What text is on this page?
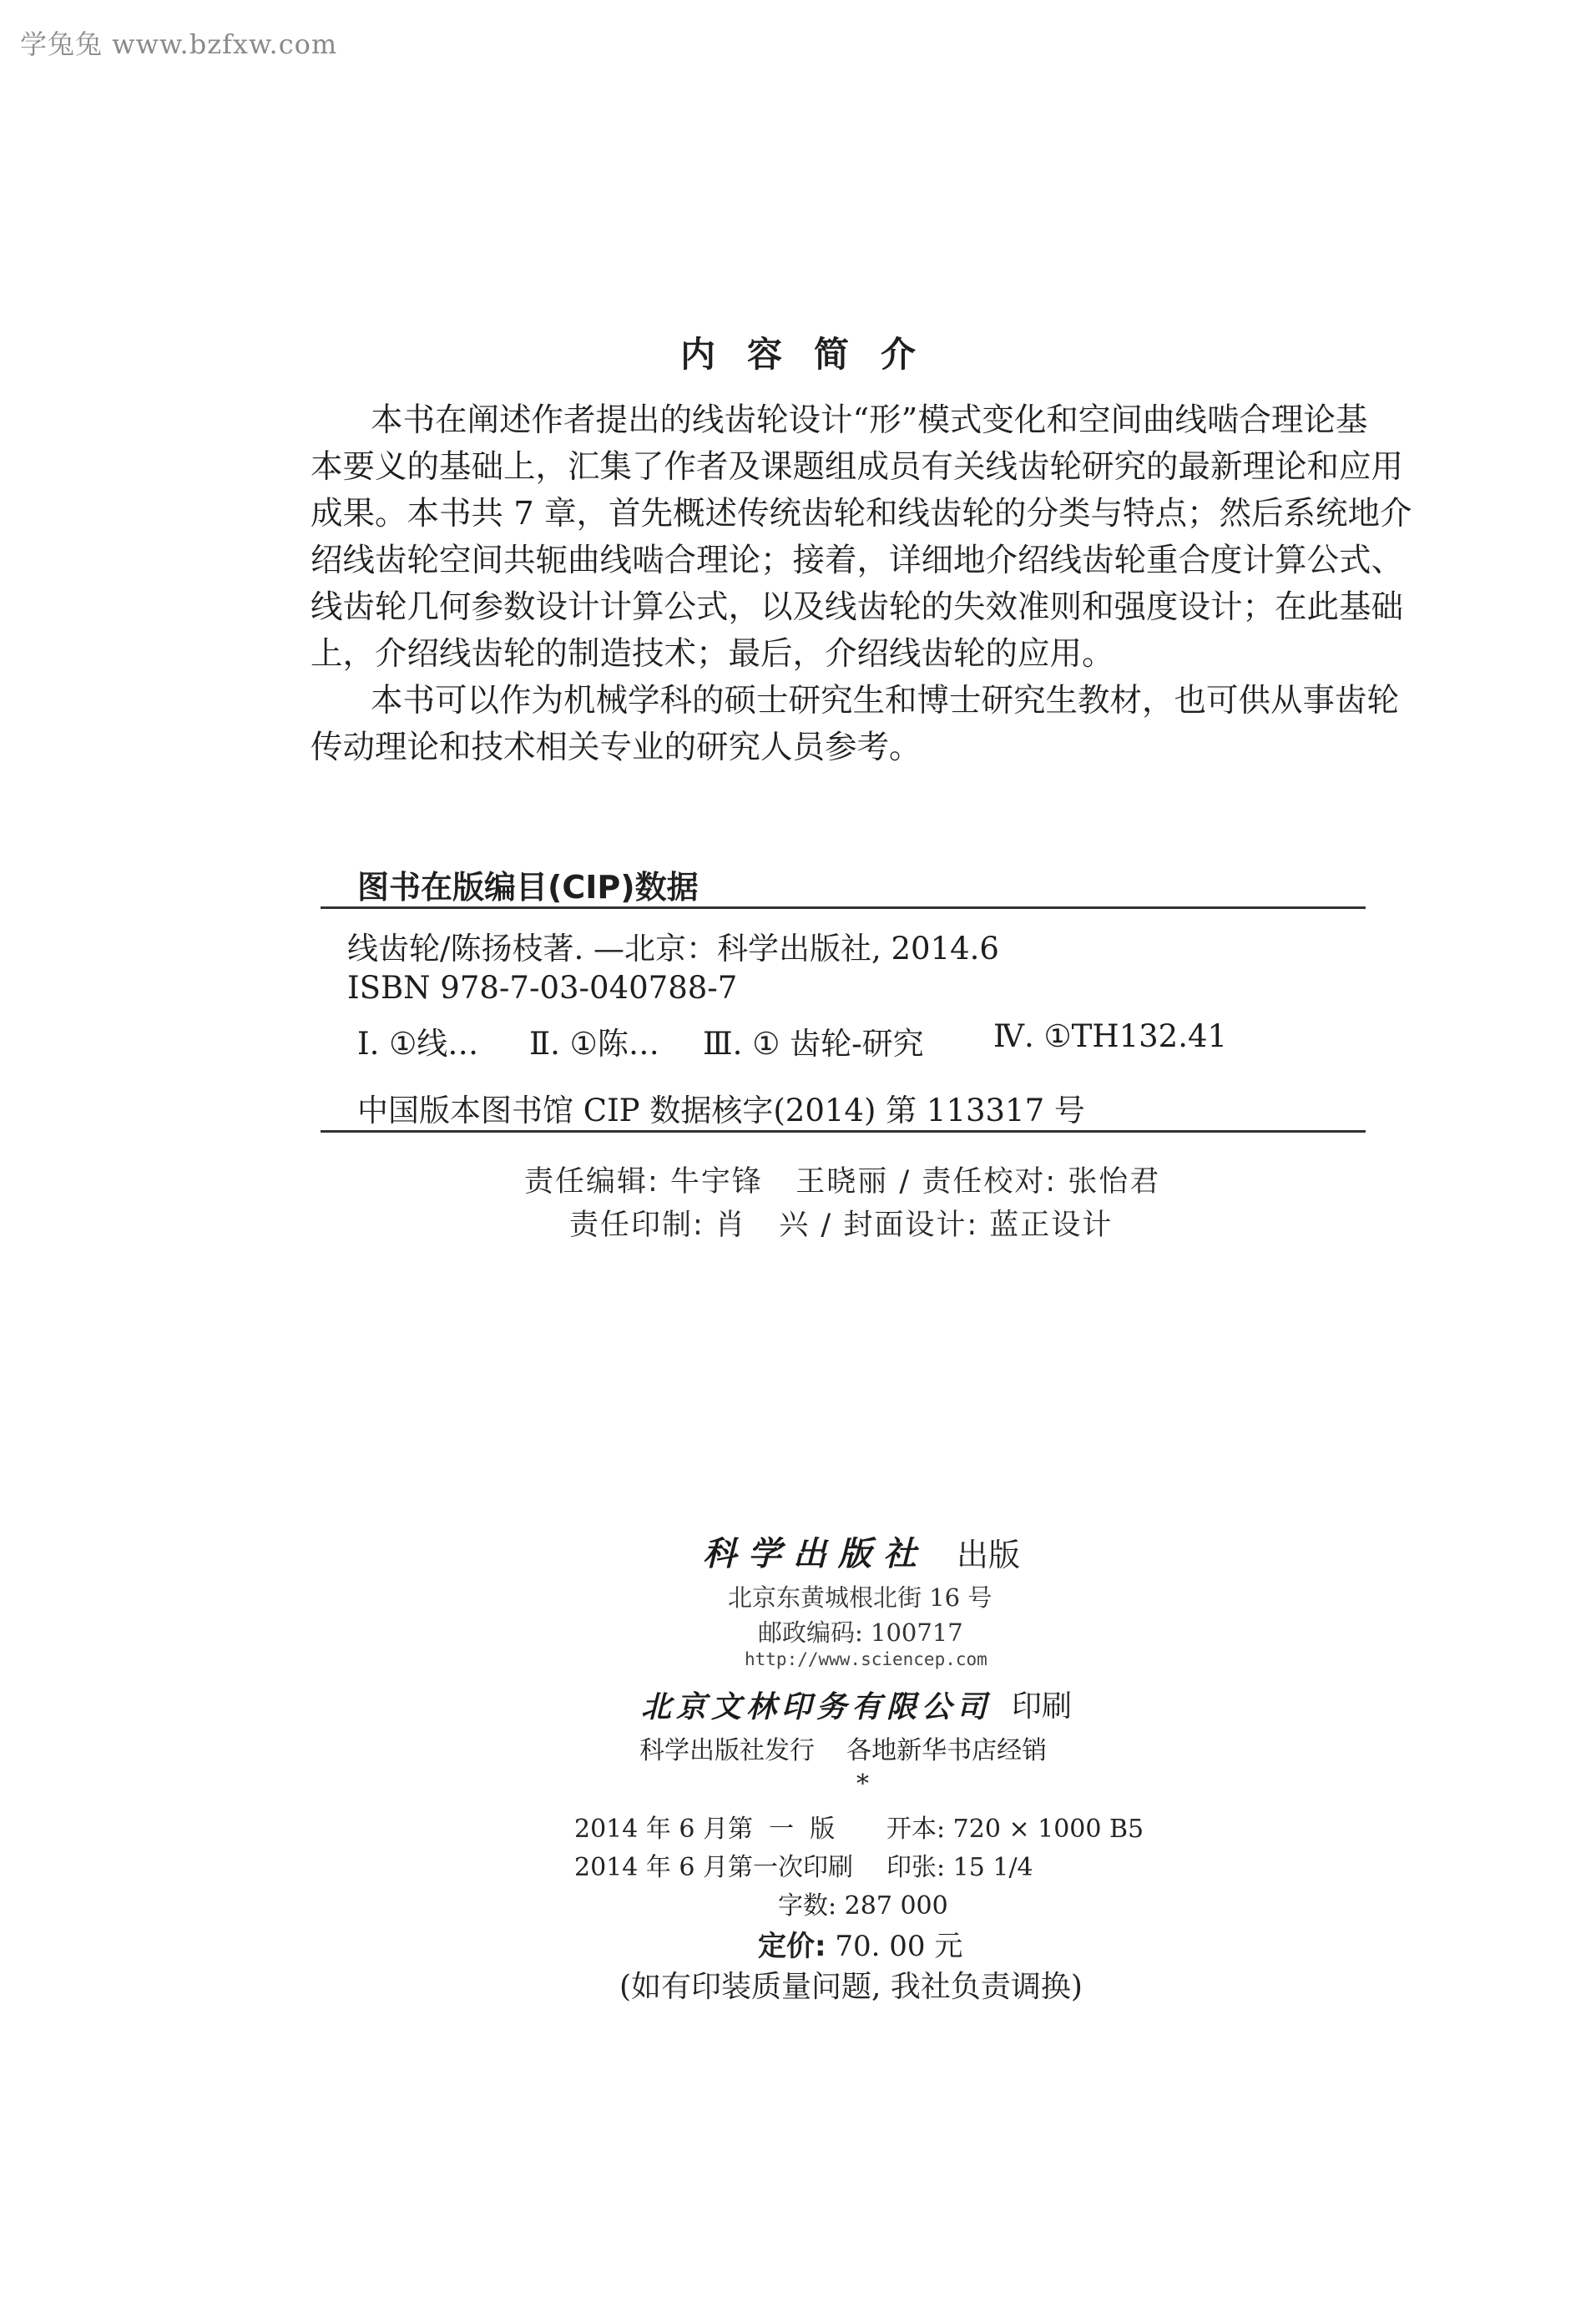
学兔兔 www.bzfxw.com
内容简介
本书在阐述作者提出的线齿轮设计“形”模式变化和空间曲线啮合理论基
本要义的基础上，汇集了作者及课题组成员有关线齿轮研究的最新理论和应用
成果。本书共 7 章，首先概述传统齿轮和线齿轮的分类与特点；然后系统地介
绍线齿轮空间共轭曲线啮合理论；接着，详细地介绍线齿轮重合度计算公式、
线齿轮几何参数设计计算公式，以及线齿轮的失效准则和强度设计；在此基础
上，介绍线齿轮的制造技术；最后，介绍线齿轮的应用。
本书可以作为机械学科的硕士研究生和博士研究生教材，也可供从事齿轮
传动理论和技术相关专业的研究人员参考。
图书在版编目(CIP)数据
线齿轮/陈扬枝著. —北京：科学出版社, 2014.6
ISBN 978-7-03-040788-7
Ⅰ. ①线… Ⅱ. ①陈… Ⅲ. ① 齿轮-研究 Ⅳ. ①TH132.41
中国版本图书馆 CIP 数据核字(2014) 第 113317 号
责任编辑: 牛宇锋   王晓丽 / 责任校对: 张怡君
责任印制: 肖   兴 / 封面设计: 蓝正设计
科学出版社 出版
北京东黄城根北街 16 号
邮政编码: 100717
http://www.sciencep.com
北京文林印务有限公司 印刷
科学出版社发行    各地新华书店经销
*
2014 年 6 月第  一  版 开本: 720 × 1000 B5
2014 年 6 月第一次印刷 印张: 15 1/4
字数: 287 000
定价: 70. 00 元
(如有印装质量问题, 我社负责调换)
